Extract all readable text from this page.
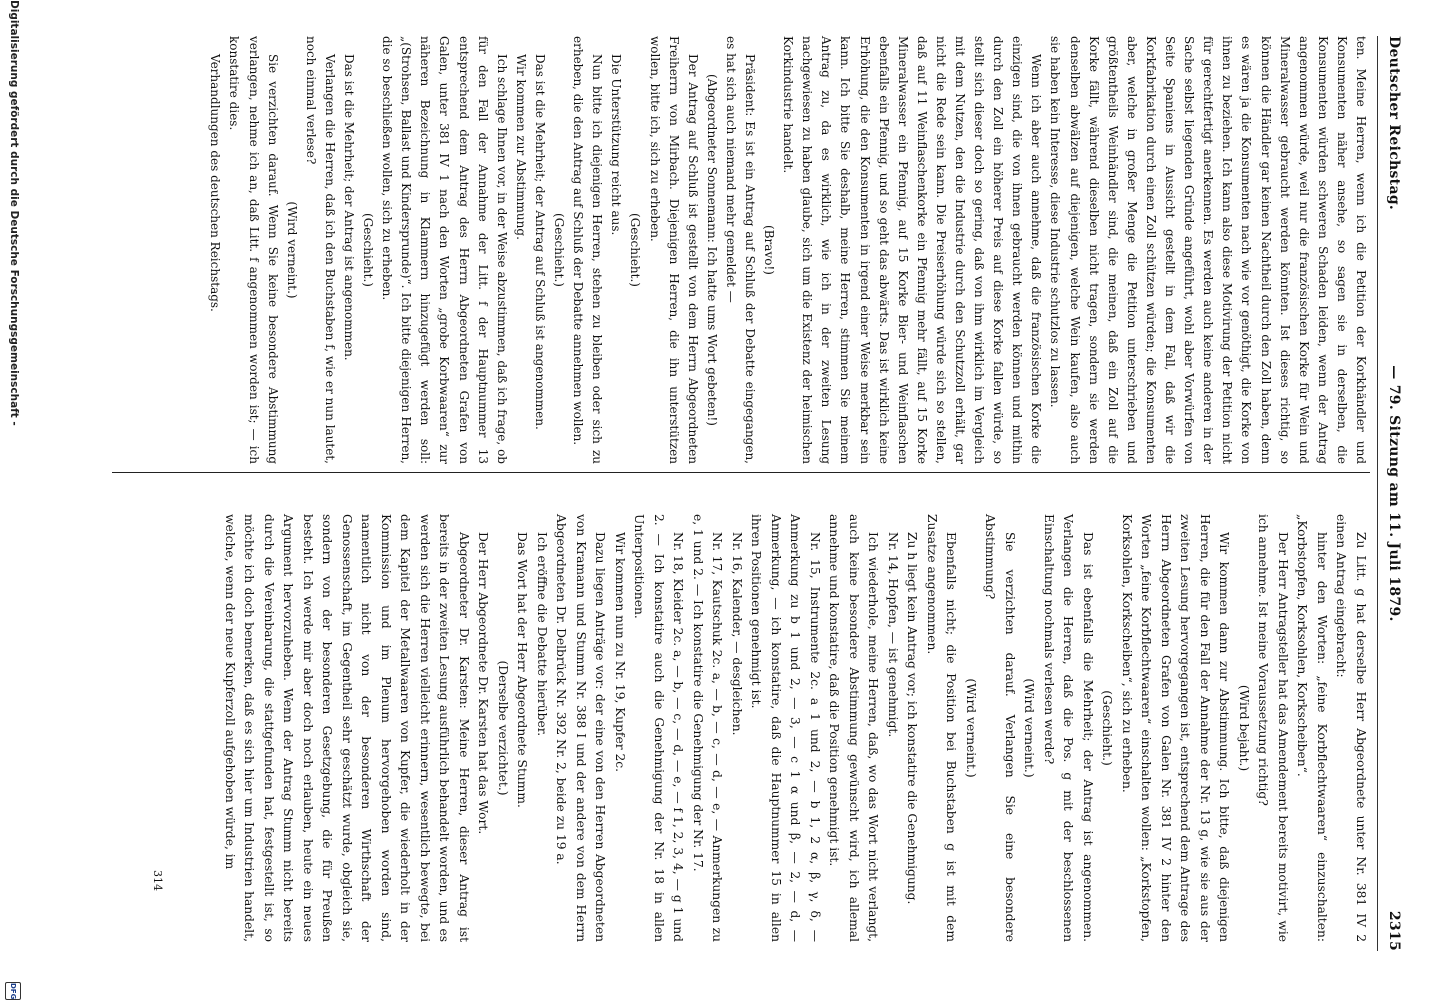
Deutscher Reichstag.
— 79. Sitzung am 11. Juli 1879.
2315

ten. Meine Herren, wenn ich die Petition der Korkhändler und Konsumenten näher ansehe, so sagen sie in derselben, die Konsumenten würden schweren Schaden leiden, wenn der Antrag angenommen würde, weil nur die französischen Korke für Wein und Mineralwasser gebraucht werden könnten. Ist dieses richtig, so können die Händler gar keinen Nachtheil durch den Zoll haben, denn es wären ja die Konsumenten nach wie vor genöthigt, die Korke von ihnen zu beziehen. Ich kann also diese Motivirung der Petition nicht für gerechtfertigt anerkennen. Es werden auch keine anderen in der Sache selbst liegenden Gründe angeführt, wohl aber Vorwürfen von Seite Spaniens in Aussicht gestellt in dem Fall, daß wir die Korkfabrikation durch einen Zoll schützen würden; die Konsumenten aber, welche in großer Menge die Petition unterschrieben und größtentheils Weinhändler sind, die meinen, daß ein Zoll auf die Korke fällt, während dieselben nicht tragen, sondern sie werden denselben abwälzen auf diejenigen, welche Wein kaufen, also auch sie haben kein Interesse, diese Industrie schutzlos zu lassen.

Wenn ich aber auch annehme, daß die französischen Korke die einzigen sind, die von ihnen gebraucht werden können und mithin durch den Zoll ein höherer Preis auf diese Korke fallen würde, so stellt sich dieser doch so gering, daß von ihm wirklich im Vergleich mit dem Nutzen, den die Industrie durch den Schutzzoll erhält, gar nicht die Rede sein kann. Die Preiserhöhung würde sich so stellen, daß auf 11 Weinflaschenkorke ein Pfennig mehr fällt, auf 15 Korke Mineralwasser ein Pfennig, auf 15 Korke Bier- und Weinflaschen ebenfalls ein Pfennig, und so geht das abwärts. Das ist wirklich keine Erhöhung, die den Konsumenten in irgend einer Weise merkbar sein kann. Ich bitte Sie deshalb, meine Herren, stimmen Sie meinem Antrag zu, da es wirklich, wie ich in der zweiten Lesung nachgewiesen zu haben glaube, sich um die Existenz der heimischen Korkindustrie handelt.

(Bravo!)

Präsident: Es ist ein Antrag auf Schluß der Debatte eingegangen, es hat sich auch niemand mehr gemeldet —

(Abgeordneter Sonnemann: Ich hatte ums Wort gebeten!)

Der Antrag auf Schluß ist gestellt von dem Herrn Abgeordneten Freiherrn von Mirbach. Diejenigen Herren, die ihn unterstützen wollen, bitte ich, sich zu erheben.

(Geschieht.)

Die Unterstützung reicht aus.

Nun bitte ich diejenigen Herren, stehen zu bleiben oder sich zu erheben, die den Antrag auf Schluß der Debatte annehmen wollen.

(Geschieht.)

Das ist die Mehrheit; der Antrag auf Schluß ist angenommen.

Wir kommen zur Abstimmung.

Ich schlage Ihnen vor, in der Weise abzustimmen, daß ich frage, ob für den Fall der Annahme der Litt. f der Hauptnummer 13 entsprechend dem Antrag des Herrn Abgeordneten Grafen von Galen, unter 381 IV 1 nach den Worten „grobe Korbwaaren“ zur näheren Bezeichnung in Klammern hinzugefügt werden soll: „(Strohsen, Ballast und Kindersprunde)“. Ich bitte diejenigen Herren, die so beschließen wollen, sich zu erheben.

(Geschieht.)

Das ist die Mehrheit; der Antrag ist angenommen.

Verlangen die Herren, daß ich den Buchstaben f, wie er nun lautet, noch einmal verlese?

(Wird verneint.)

Sie verzichten darauf. Wenn Sie keine besondere Abstimmung verlangen, nehme ich an, daß Litt. f angenommen worden ist; — ich konstatire dies.

Verhandlungen des deutschen Reichstags.

Zu Litt. g hat derselbe Herr Abgeordnete unter Nr. 381 IV 2 einen Antrag eingebracht:

hinter den Worten: „feine Korbflechtwaaren“ einzuschalten: „Korbstopfen, Korksohlen, Korkscheiben“.

Der Herr Antragsteller hat das Amendement bereits motivirt, wie ich annehme. Ist meine Voraussetzung richtig?

(Wird bejaht.)

Wir kommen dann zur Abstimmung. Ich bitte, daß diejenigen Herren, die für den Fall der Annahme der Nr. 13 g, wie sie aus der zweiten Lesung hervorgegangen ist, entsprechend dem Antrage des Herrn Abgeordneten Grafen von Galen Nr. 381 IV 2 hinter den Worten „feine Korbflechtwaaren“ einschalten wollen: „Korkstopfen, Korksohlen, Korkscheiben“, sich zu erheben.

(Geschieht.)

Das ist ebenfalls die Mehrheit; der Antrag ist angenommen. Verlangen die Herren, daß die Pos. g mit der beschlossenen Einschaltung nochmals verlesen werde?

(Wird verneint.)

Sie verzichten darauf. Verlangen Sie eine besondere Abstimmung?

(Wird verneint.)

Ebenfalls nicht; die Position bei Buchstaben g ist mit dem Zusatze angenommen.

Zu h liegt kein Antrag vor; ich konstatire die Genehmigung.

Nr. 14, Hopfen, — ist genehmigt.

Ich wiederhole, meine Herren, daß, wo das Wort nicht verlangt, auch keine besondere Abstimmung gewünscht wird, ich allemal annehme und konstatire, daß die Position genehmigt ist.

Nr. 15, Instrumente 2c. a 1 und 2, — b 1, 2 α, β, γ, δ, — Anmerkung zu b 1 und 2, — 3, — c 1 α und β, — 2, — d, — Anmerkung, — ich konstatire, daß die Hauptnummer 15 in allen ihren Positionen genehmigt ist.

Nr. 16, Kalender, — desgleichen.

Nr. 17, Kautschuk 2c. a, — b, — c, — d, — e, — Anmerkungen zu e, 1 und 2. — Ich konstatire die Genehmigung der Nr. 17.

Nr. 18, Kleider 2c. a, — b, — c, — d, — e, — f 1, 2, 3, 4, — g 1 und 2. — Ich konstatire auch die Genehmigung der Nr. 18 in allen Unterpositionen.

Wir kommen nun zu Nr. 19, Kupfer 2c.

Dazu liegen Anträge vor: der eine von den Herren Abgeordneten von Kramann und Stumm Nr. 388 I und der andere von dem Herrn Abgeordneten Dr. Delbrück Nr. 392 Nr. 2, beide zu 19 a.

Ich eröffne die Debatte hierüber.

Das Wort hat der Herr Abgeordnete Stumm.

(Derselbe verzichtet.)

Der Herr Abgeordnete Dr. Karsten hat das Wort.

Abgeordneter Dr. Karsten: Meine Herren, dieser Antrag ist bereits in der zweiten Lesung ausführlich behandelt worden, und es werden sich die Herren vielleicht erinnern, wesentlich bewegte, bei dem Kapitel der Metallwaaren von Kupfer, die wiederholt in der Kommission und im Plenum hervorgehoben worden sind, namentlich nicht von der besonderen Wirthschaft der Genossenschaft, im Gegentheil sehr geschätzt wurde, obgleich sie, sondern von der besonderen Gesetzgebung, die für Preußen besteht. Ich werde mir aber doch noch erlauben, heute ein neues Argument hervorzuheben. Wenn der Antrag Stumm nicht bereits durch die Vereinbarung, die stattgefunden hat, festgestellt ist, so möchte ich doch bemerken, daß es sich hier um Industrien handelt, welche, wenn der neue Kupferzoll aufgehoben würde, im

314
Digitalisierung gefördert durch die Deutsche Forschungsgemeinschaft -
DFG
